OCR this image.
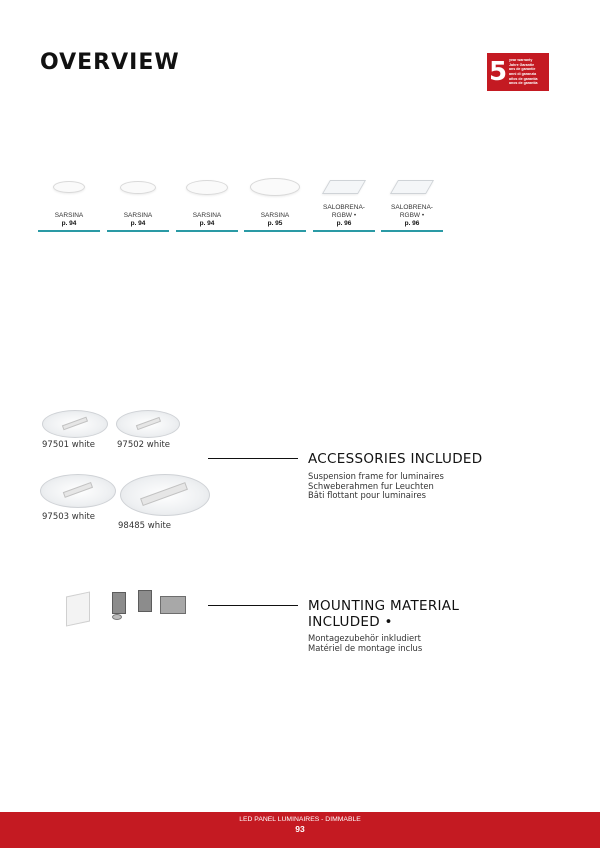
OVERVIEW	5 year warranty
Jahre Garantie
ans de garantie
anni di garanzia
años de garantía
anos de garantia
SARSINA
p. 94
SARSINA
p. 94
SARSINA
p. 94
SARSINA
p. 95
SALOBRENA-
RGBW •
p. 96
SALOBRENA-
RGBW •
p. 96
97501 white	97502 white
97503 white
98485 white
ACCESSORIES INCLUDED
Suspension frame for luminaires
Schweberahmen fur Leuchten
Bâti flottant pour luminaires
MOUNTING MATERIAL
INCLUDED •
Montagezubehör inkludiert
Matériel de montage inclus
LED PANEL LUMINAIRES - DIMMABLE
93
